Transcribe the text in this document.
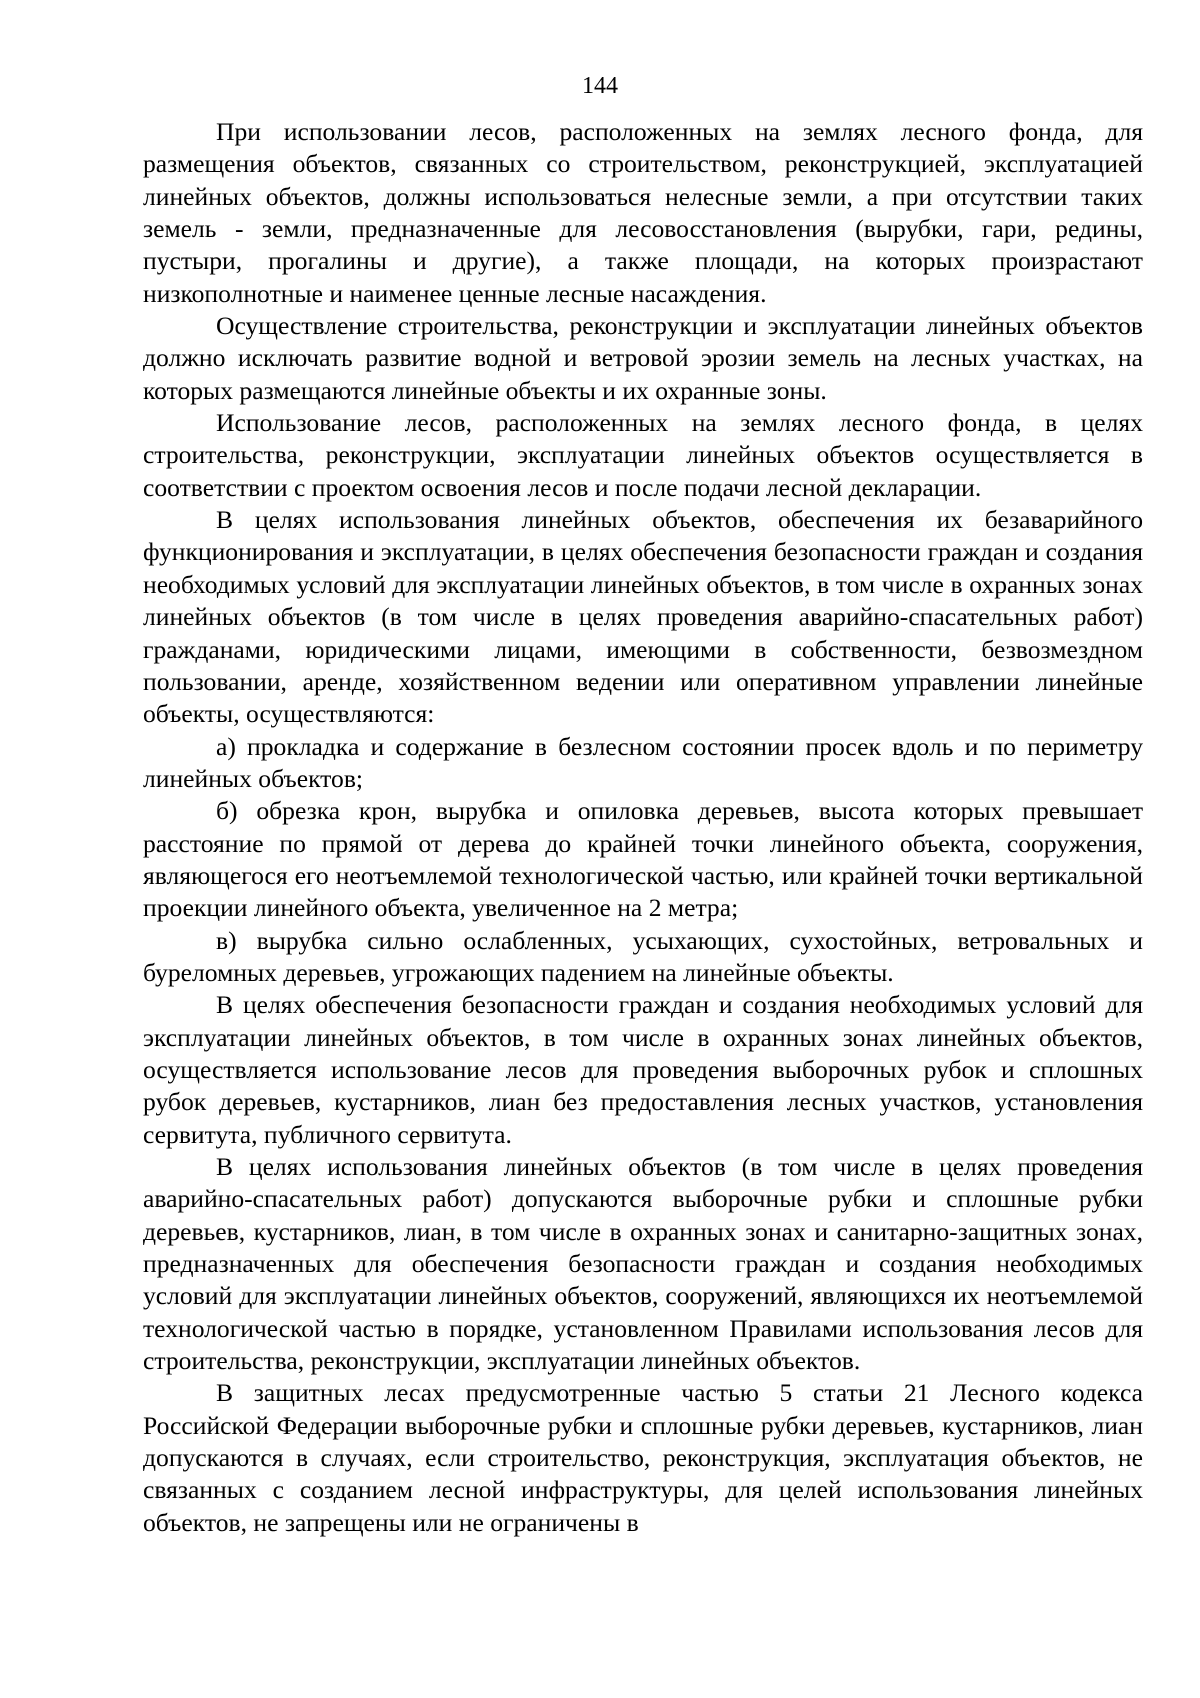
144

При использовании лесов, расположенных на землях лесного фонда, для размещения объектов, связанных со строительством, реконструкцией, эксплуатацией линейных объектов, должны использоваться нелесные земли, а при отсутствии таких земель - земли, предназначенные для лесовосстановления (вырубки, гари, редины, пустыри, прогалины и другие), а также площади, на которых произрастают низкополнотные и наименее ценные лесные насаждения.

Осуществление строительства, реконструкции и эксплуатации линейных объектов должно исключать развитие водной и ветровой эрозии земель на лесных участках, на которых размещаются линейные объекты и их охранные зоны.

Использование лесов, расположенных на землях лесного фонда, в целях строительства, реконструкции, эксплуатации линейных объектов осуществляется в соответствии с проектом освоения лесов и после подачи лесной декларации.

В целях использования линейных объектов, обеспечения их безаварийного функционирования и эксплуатации, в целях обеспечения безопасности граждан и создания необходимых условий для эксплуатации линейных объектов, в том числе в охранных зонах линейных объектов (в том числе в целях проведения аварийно-спасательных работ) гражданами, юридическими лицами, имеющими в собственности, безвозмездном пользовании, аренде, хозяйственном ведении или оперативном управлении линейные объекты, осуществляются:

а) прокладка и содержание в безлесном состоянии просек вдоль и по периметру линейных объектов;

б) обрезка крон, вырубка и опиловка деревьев, высота которых превышает расстояние по прямой от дерева до крайней точки линейного объекта, сооружения, являющегося его неотъемлемой технологической частью, или крайней точки вертикальной проекции линейного объекта, увеличенное на 2 метра;

в) вырубка сильно ослабленных, усыхающих, сухостойных, ветровальных и буреломных деревьев, угрожающих падением на линейные объекты.

В целях обеспечения безопасности граждан и создания необходимых условий для эксплуатации линейных объектов, в том числе в охранных зонах линейных объектов, осуществляется использование лесов для проведения выборочных рубок и сплошных рубок деревьев, кустарников, лиан без предоставления лесных участков, установления сервитута, публичного сервитута.

В целях использования линейных объектов (в том числе в целях проведения аварийно-спасательных работ) допускаются выборочные рубки и сплошные рубки деревьев, кустарников, лиан, в том числе в охранных зонах и санитарно-защитных зонах, предназначенных для обеспечения безопасности граждан и создания необходимых условий для эксплуатации линейных объектов, сооружений, являющихся их неотъемлемой технологической частью в порядке, установленном Правилами использования лесов для строительства, реконструкции, эксплуатации линейных объектов.

В защитных лесах предусмотренные частью 5 статьи 21 Лесного кодекса Российской Федерации выборочные рубки и сплошные рубки деревьев, кустарников, лиан допускаются в случаях, если строительство, реконструкция, эксплуатация объектов, не связанных с созданием лесной инфраструктуры, для целей использования линейных объектов, не запрещены или не ограничены в
